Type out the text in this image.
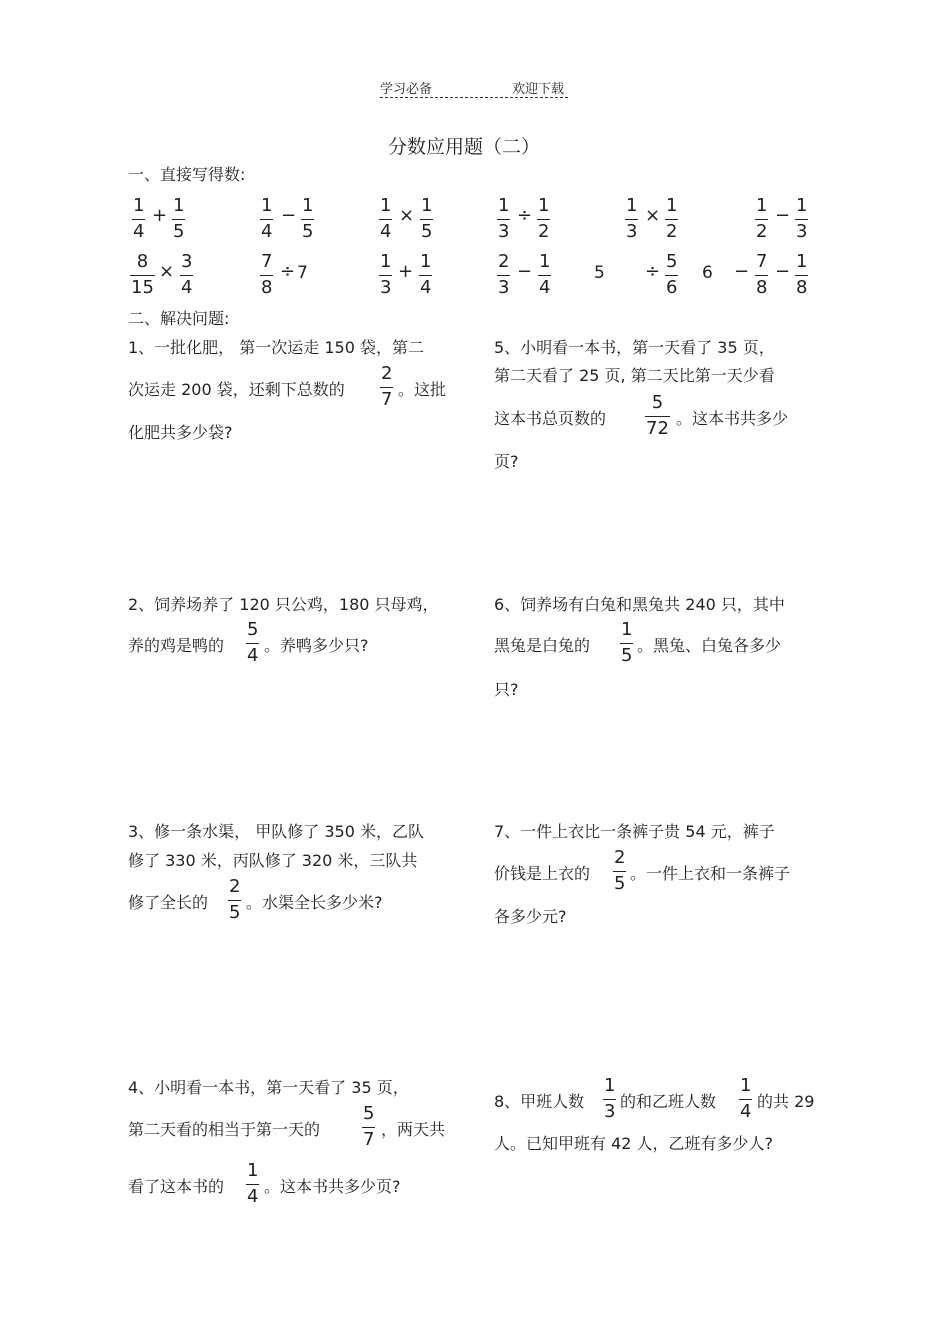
学习必备	欢迎下载
分数应用题（二）
一、直接写得数:
1
4
+ 1
5
1
4
− 1
5
1
4
× 1
5
1
3
÷ 1
2
1
3
× 1
2
1
2
− 1
3
8
15
× 3
4
7
8
÷ 7
1
3
+ 1
4
2
3
− 1
4
5 ÷ 5
6
6 − 7
8
− 1
8
二、解决问题:
1、一批化肥， 第一次运走 150 袋，第二
次运走 200 袋，还剩下总数的
2
7 。这批
化肥共多少袋?
5、小明看一本书，第一天看了 35 页，
第二天看了 25 页, 第二天比第一天少看
这本书总页数的
5
72 。这本书共多少
页?
2、饲养场养了 120 只公鸡，180 只母鸡，
养的鸡是鸭的
5
4 。养鸭多少只?
6、饲养场有白兔和黑兔共 240 只，其中
黑兔是白兔的
1
5 。黑兔、白兔各多少
只?
3、修一条水渠， 甲队修了 350 米，乙队
修了 330 米，丙队修了 320 米，三队共
修了全长的
2
5 。水渠全长多少米?
7、一件上衣比一条裤子贵 54 元，裤子
价钱是上衣的
2
5 。一件上衣和一条裤子
各多少元?
4、小明看一本书，第一天看了 35 页，
第二天看的相当于第一天的
5
7 ，两天共
看了这本书的
1
4 。这本书共多少页?
8、甲班人数
1
3 的和乙班人数
1
4 的共 29
人。已知甲班有 42 人，乙班有多少人?
